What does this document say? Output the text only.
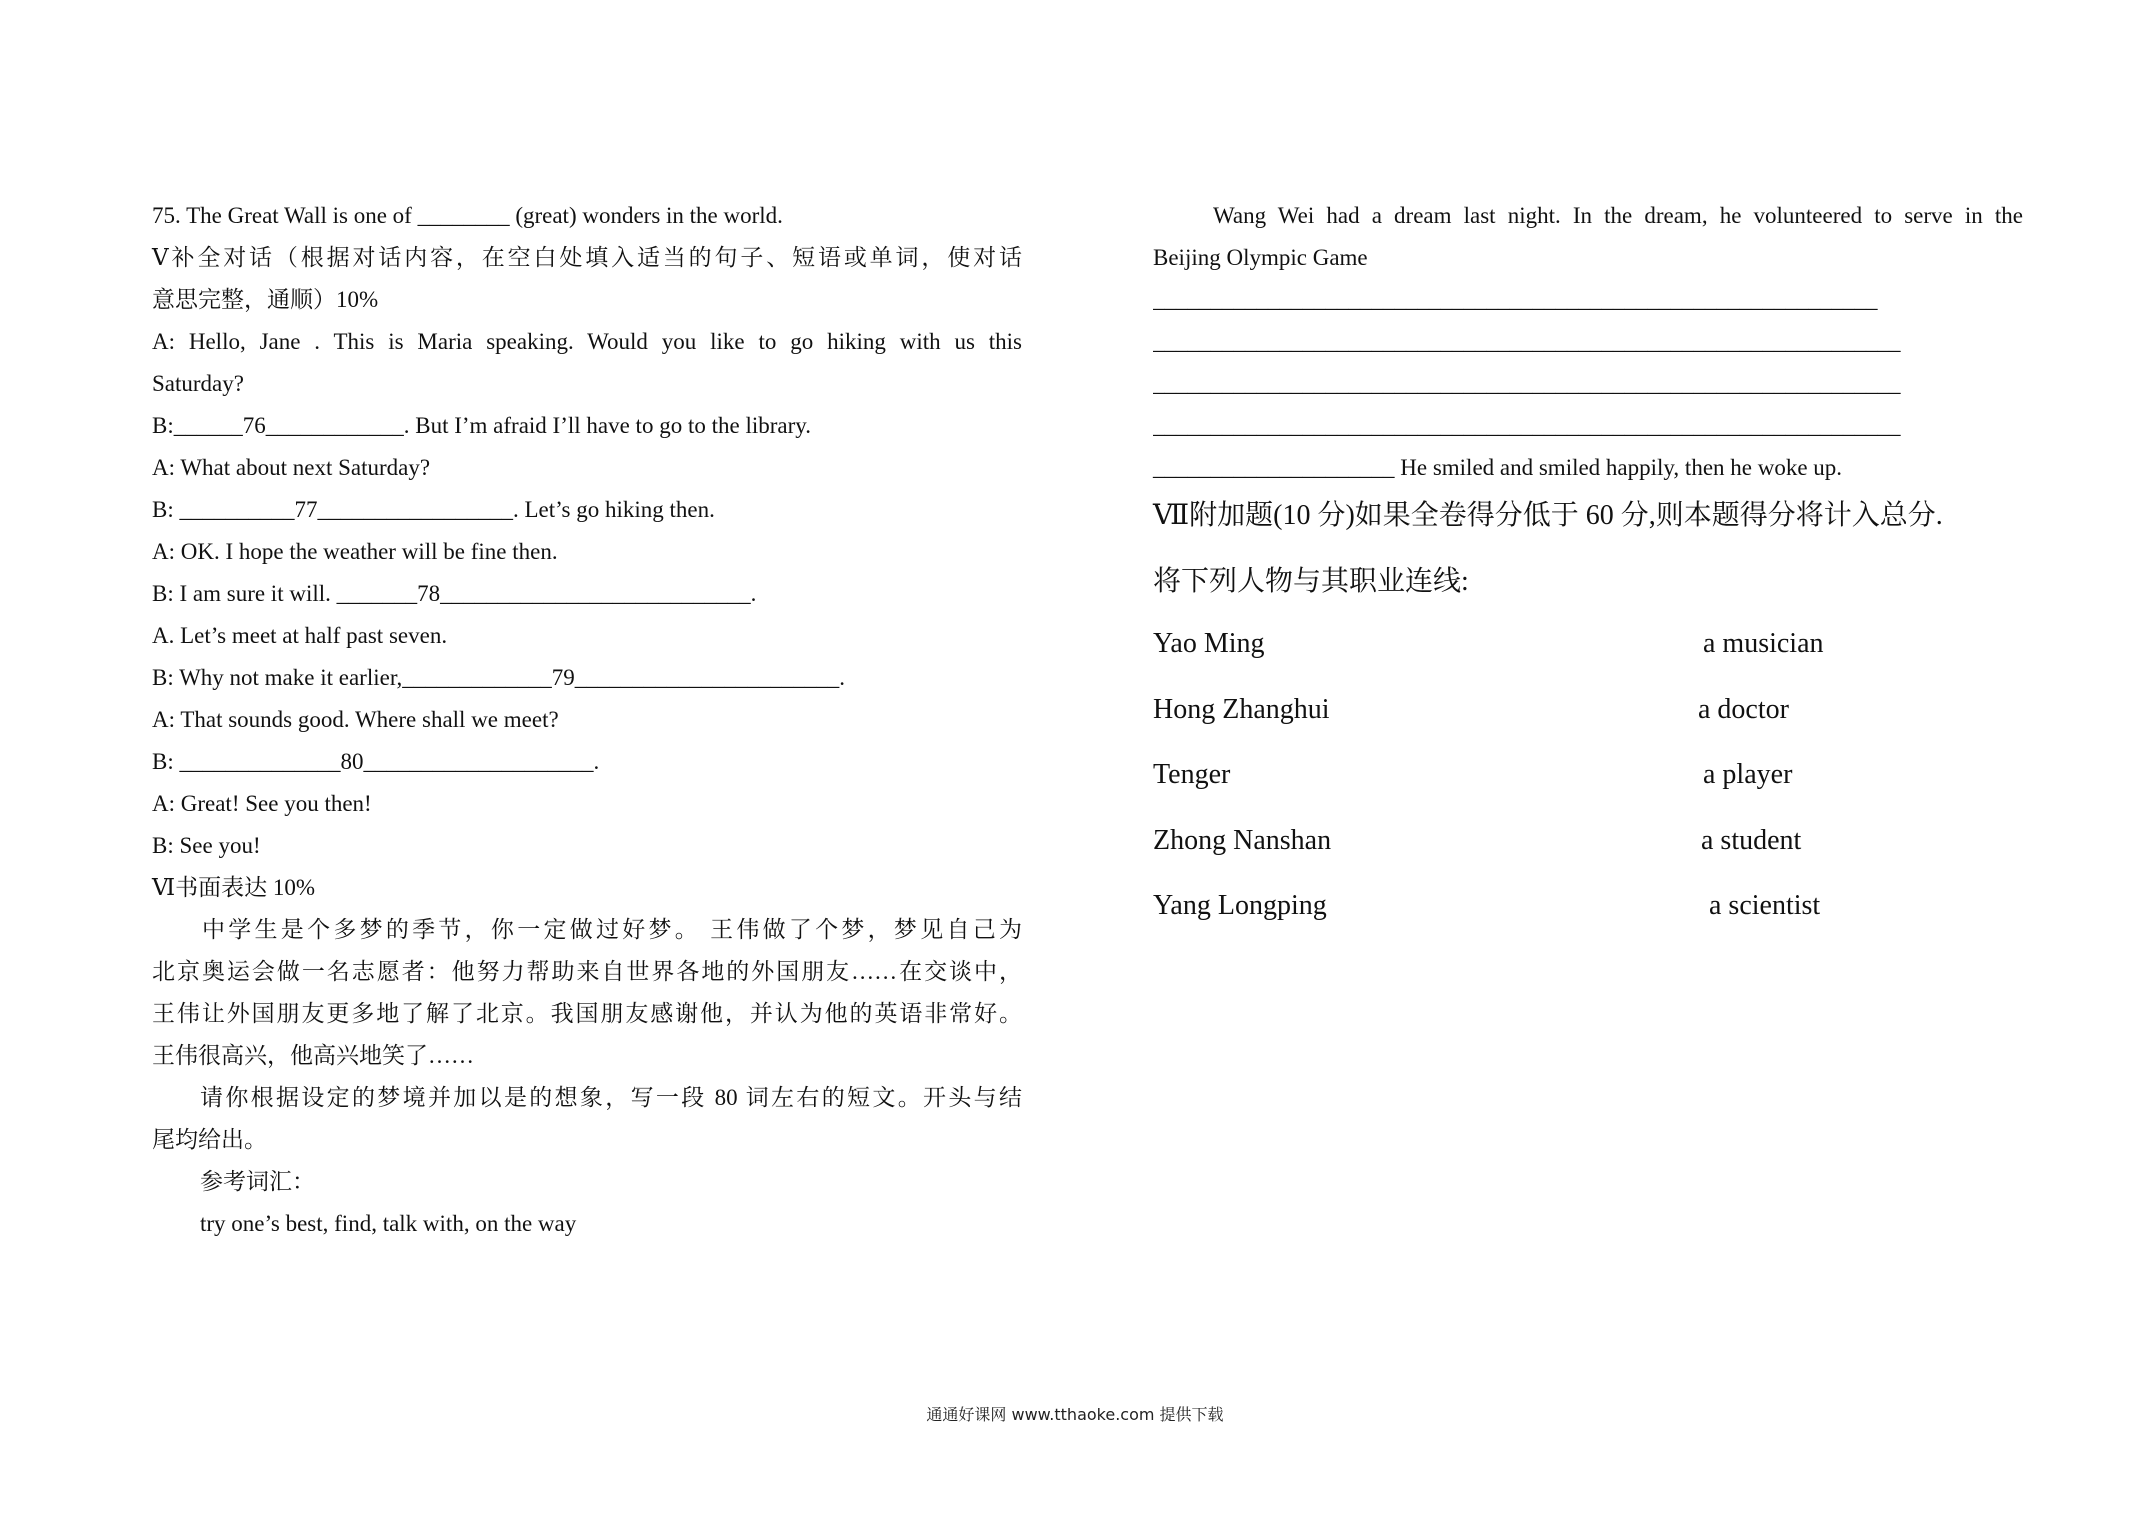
75. The Great Wall is one of ________ (great) wonders in the world.
Ⅴ补全对话（根据对话内容，在空白处填入适当的句子、短语或单词，使对话
意思完整，通顺）10%
A: Hello, Jane . This is Maria speaking. Would you like to go hiking with us this
Saturday?
B:______76____________. But I’m afraid I’ll have to go to the library.
A: What about next Saturday?
B: __________77_________________. Let’s go hiking then.
A: OK. I hope the weather will be fine then.
B: I am sure it will. _______78___________________________.
A. Let’s meet at half past seven.
B: Why not make it earlier,_____________79_______________________.
A: That sounds good. Where shall we meet?
B: ______________80____________________.
A: Great! See you then!
B: See you!
Ⅵ书面表达 10%
中学生是个多梦的季节，你一定做过好梦。 王伟做了个梦，梦见自己为
北京奥运会做一名志愿者：他努力帮助来自世界各地的外国朋友……在交谈中，
王伟让外国朋友更多地了解了北京。我国朋友感谢他，并认为他的英语非常好。
王伟很高兴，他高兴地笑了……
请你根据设定的梦境并加以是的想象，写一段 80 词左右的短文。开头与结
尾均给出。
参考词汇：
try one’s best, find, talk with, on the way
Wang Wei had a dream last night. In the dream, he volunteered to serve in the
Beijing Olympic Game
_______________________________________________________________
_________________________________________________________________
_________________________________________________________________
_________________________________________________________________
_____________________ He smiled and smiled happily, then he woke up.
Ⅶ附加题(10 分)如果全卷得分低于 60 分,则本题得分将计入总分.
将下列人物与其职业连线:
Yao Ming	a musician
Hong Zhanghui	a doctor
Tenger	a player
Zhong Nanshan	a student
Yang Longping	a scientist
通通好课网 www.tthaoke.com 提供下载
